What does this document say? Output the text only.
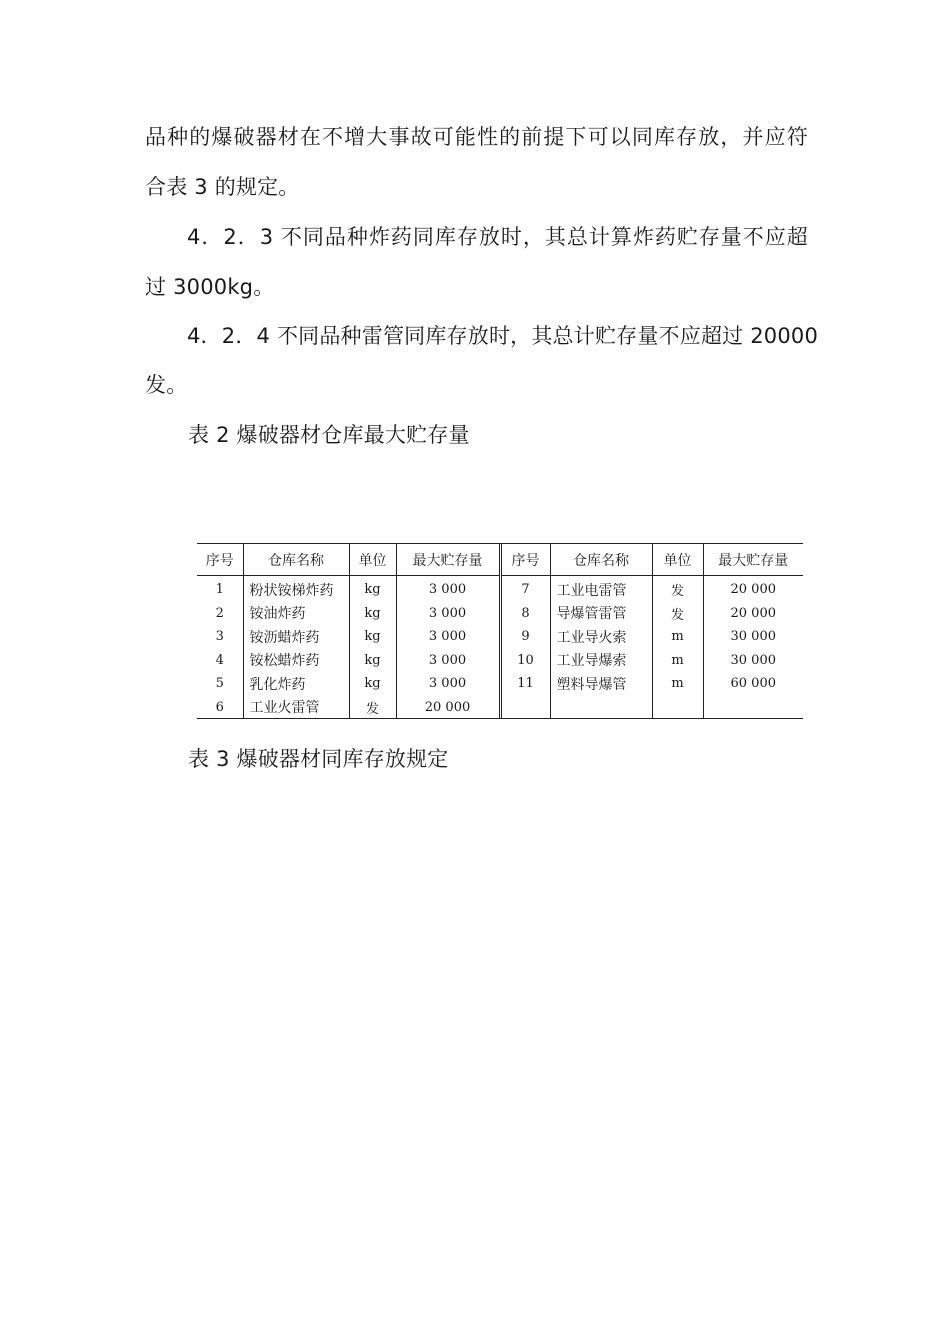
品种的爆破器材在不增大事故可能性的前提下可以同库存放，并应符
合表 3 的规定。
4．2．3 不同品种炸药同库存放时，其总计算炸药贮存量不应超
过 3000kg。
4．2．4 不同品种雷管同库存放时，其总计贮存量不应超过 20000
发。
表 2 爆破器材仓库最大贮存量
序号	仓库名称	单位	最大贮存量	序号	仓库名称	单位	最大贮存量
1	粉状铵梯炸药	kg	3 000	7	工业电雷管	发	20 000
2	铵油炸药	kg	3 000	8	导爆管雷管	发	20 000
3	铵沥蜡炸药	kg	3 000	9	工业导火索	m	30 000
4	铵松蜡炸药	kg	3 000	10	工业导爆索	m	30 000
5	乳化炸药	kg	3 000	11	塑料导爆管	m	60 000
6	工业火雷管	发	20 000				
表 3 爆破器材同库存放规定
